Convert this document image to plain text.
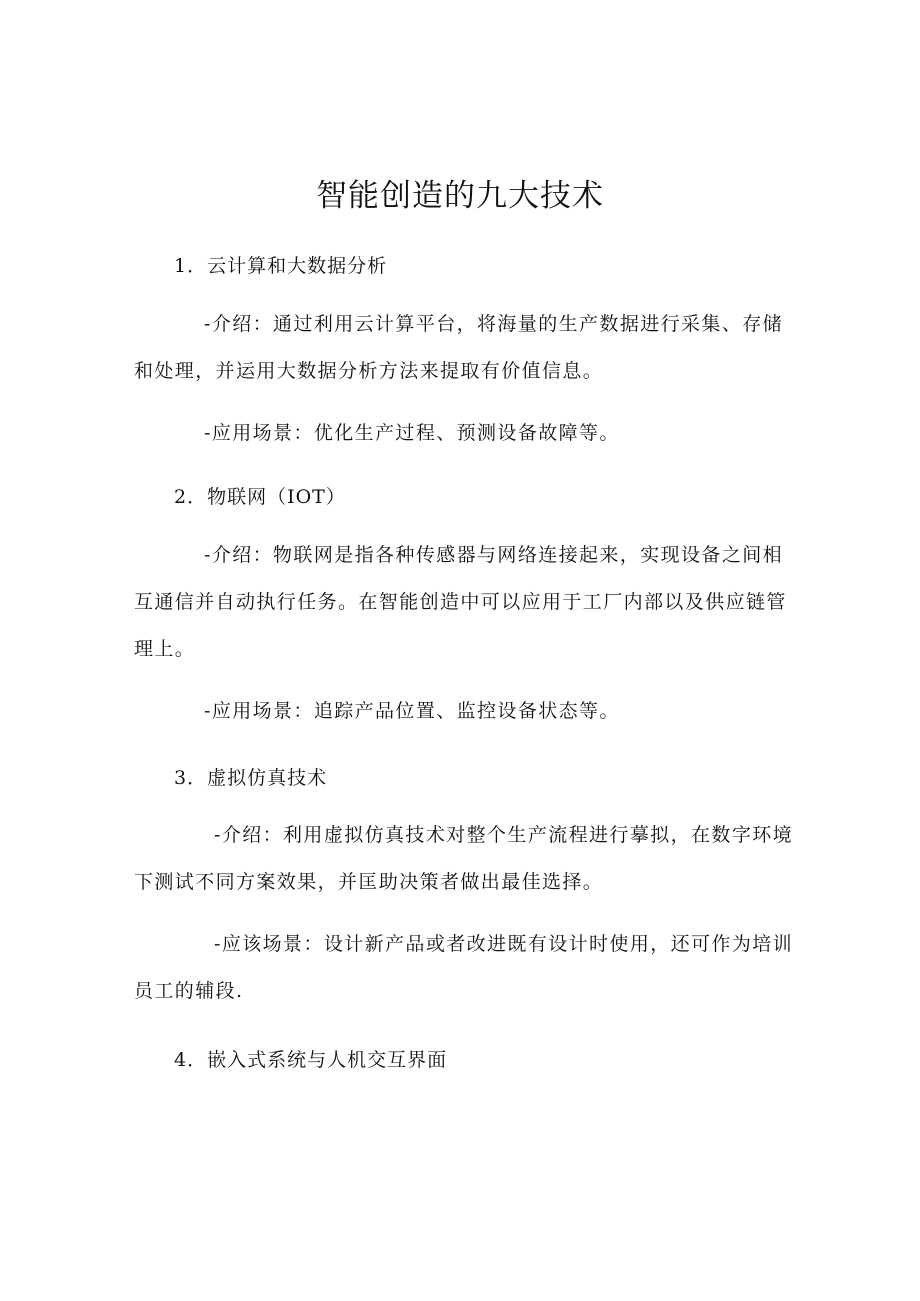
智能创造的九大技术

1．云计算和大数据分析

-介绍：通过利用云计算平台，将海量的生产数据进行采集、存储和处理，并运用大数据分析方法来提取有价值信息。

-应用场景：优化生产过程、预测设备故障等。

2．物联网（IOT）

-介绍：物联网是指各种传感器与网络连接起来，实现设备之间相互通信并自动执行任务。在智能创造中可以应用于工厂内部以及供应链管理上。

-应用场景：追踪产品位置、监控设备状态等。

3．虚拟仿真技术

-介绍：利用虚拟仿真技术对整个生产流程进行摹拟，在数字环境下测试不同方案效果，并匡助决策者做出最佳选择。

-应该场景：设计新产品或者改进既有设计时使用，还可作为培训员工的辅段.

4．嵌入式系统与人机交互界面
